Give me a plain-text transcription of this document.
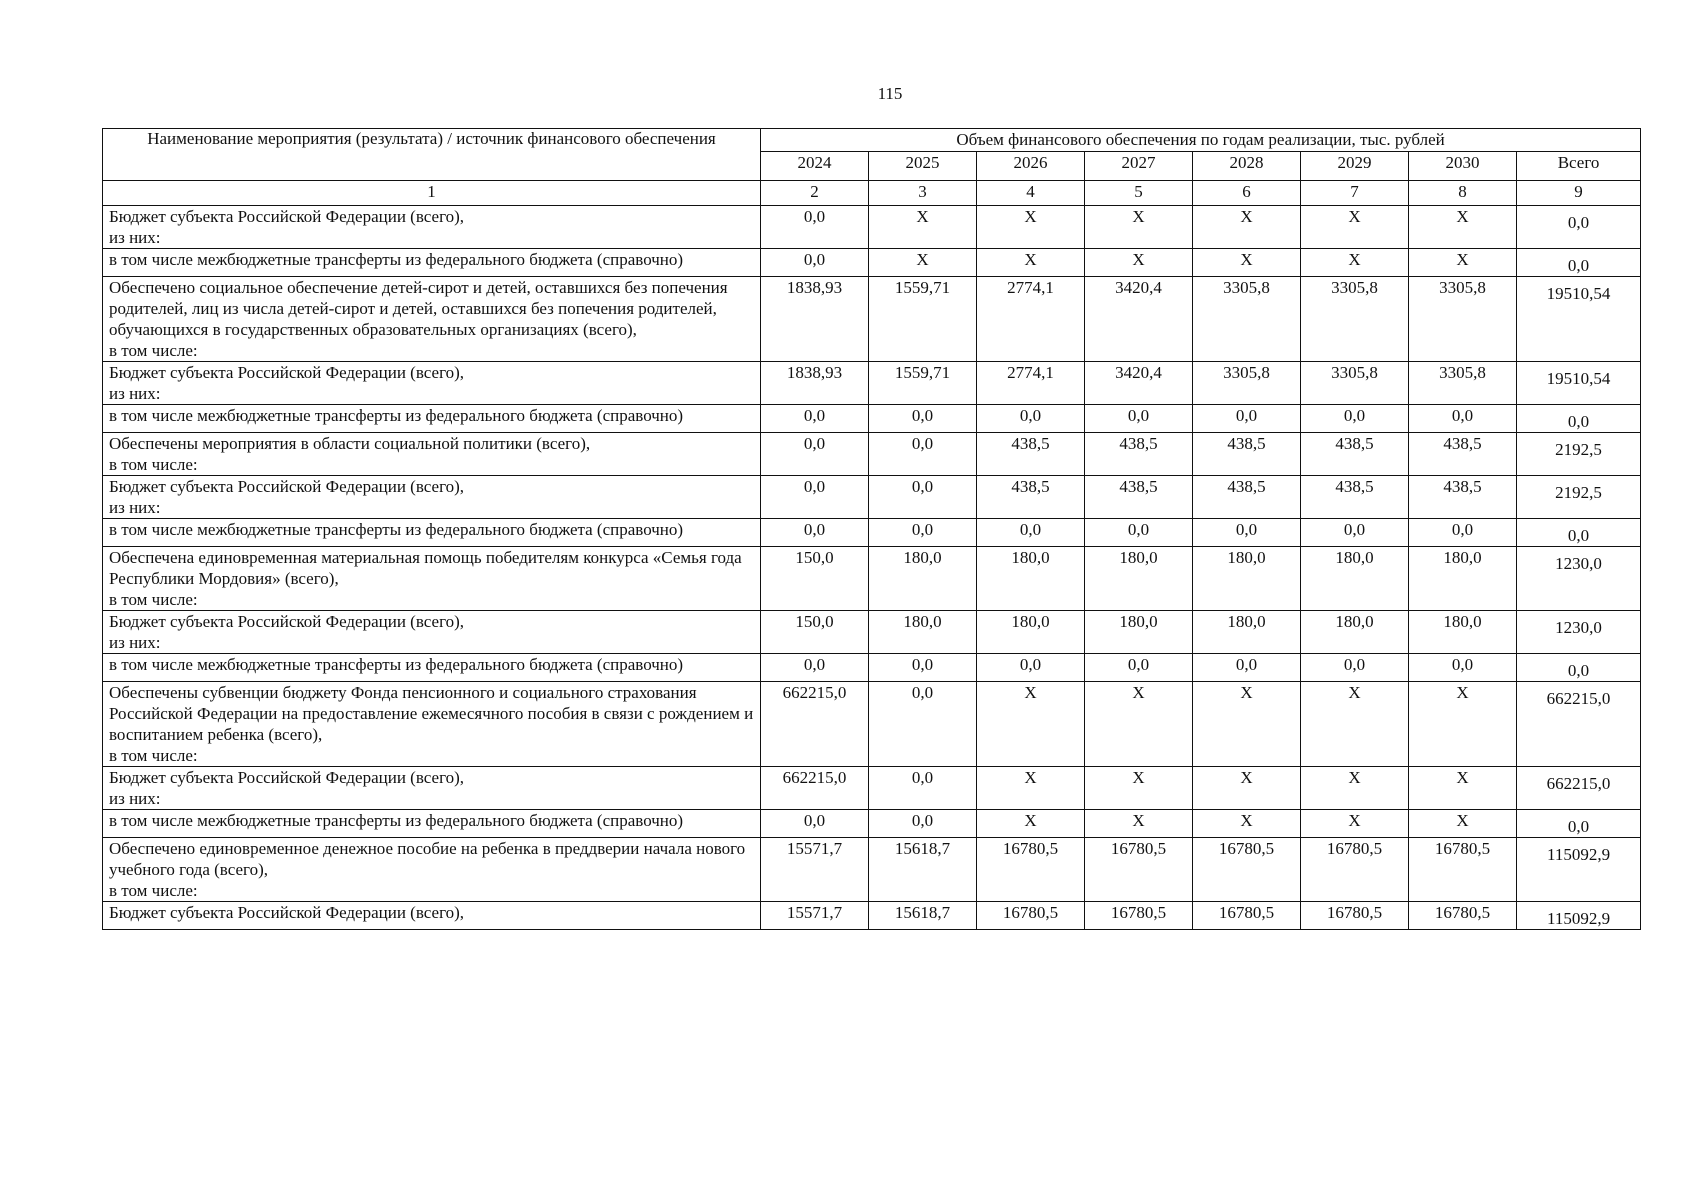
115
Наименование мероприятия (результата) / источник финансового обеспечения	Объем финансового обеспечения по годам реализации, тыс. рублей							
	2024	2025	2026	2027	2028	2029	2030	Всего
1	2	3	4	5	6	7	8	9
Бюджет субъекта Российской Федерации (всего),
из них:	0,0	X	X	X	X	X	X	0,0
в том числе межбюджетные трансферты из федерального бюджета (справочно)	0,0	X	X	X	X	X	X	0,0
Обеспечено социальное обеспечение детей-сирот и детей, оставшихся без попечения родителей, лиц из числа детей-сирот и детей, оставшихся без попечения родителей, обучающихся в государственных образовательных организациях (всего),
в том числе:	1838,93	1559,71	2774,1	3420,4	3305,8	3305,8	3305,8	19510,54
Бюджет субъекта Российской Федерации (всего),
из них:	1838,93	1559,71	2774,1	3420,4	3305,8	3305,8	3305,8	19510,54
в том числе межбюджетные трансферты из федерального бюджета (справочно)	0,0	0,0	0,0	0,0	0,0	0,0	0,0	0,0
Обеспечены мероприятия в области социальной политики (всего),
в том числе:	0,0	0,0	438,5	438,5	438,5	438,5	438,5	2192,5
Бюджет субъекта Российской Федерации (всего),
из них:	0,0	0,0	438,5	438,5	438,5	438,5	438,5	2192,5
в том числе межбюджетные трансферты из федерального бюджета (справочно)	0,0	0,0	0,0	0,0	0,0	0,0	0,0	0,0
Обеспечена единовременная материальная помощь победителям конкурса «Семья года Республики Мордовия» (всего),
в том числе:	150,0	180,0	180,0	180,0	180,0	180,0	180,0	1230,0
Бюджет субъекта Российской Федерации (всего),
из них:	150,0	180,0	180,0	180,0	180,0	180,0	180,0	1230,0
в том числе межбюджетные трансферты из федерального бюджета (справочно)	0,0	0,0	0,0	0,0	0,0	0,0	0,0	0,0
Обеспечены субвенции бюджету Фонда пенсионного и социального страхования Российской Федерации на предоставление ежемесячного пособия в связи с рождением и воспитанием ребенка (всего),
в том числе:	662215,0	0,0	X	X	X	X	X	662215,0
Бюджет субъекта Российской Федерации (всего),
из них:	662215,0	0,0	X	X	X	X	X	662215,0
в том числе межбюджетные трансферты из федерального бюджета (справочно)	0,0	0,0	X	X	X	X	X	0,0
Обеспечено единовременное денежное пособие на ребенка в преддверии начала нового учебного года (всего),
в том числе:	15571,7	15618,7	16780,5	16780,5	16780,5	16780,5	16780,5	115092,9
Бюджет субъекта Российской Федерации (всего),	15571,7	15618,7	16780,5	16780,5	16780,5	16780,5	16780,5	115092,9
